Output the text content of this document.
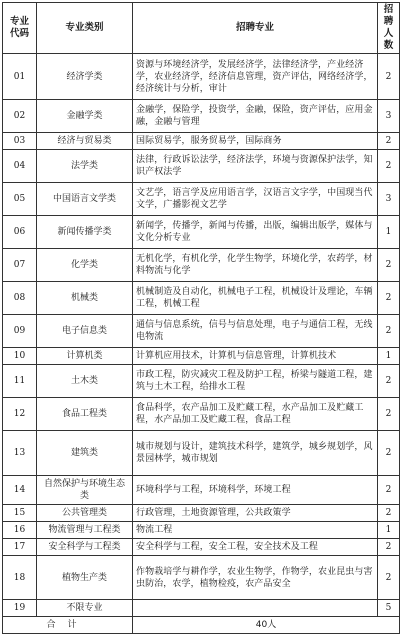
专业代码	专业类别	招聘专业	招聘人数
01	经济学类	资源与环境经济学，发展经济学，法律经济学，产业经济学，农业经济学，经济信息管理，资产评估，网络经济学，经济统计与分析，审计	2
02	金融学类	金融学，保险学，投资学，金融，保险，资产评估，应用金融，金融与管理	3
03	经济与贸易类	国际贸易学，服务贸易学，国际商务	2
04	法学类	法律，行政诉讼法学，经济法学，环境与资源保护法学，知识产权法学	2
05	中国语言文学类	文艺学，语言学及应用语言学，汉语言文字学，中国现当代文学，广播影视文艺学	3
06	新闻传播学类	新闻学，传播学，新闻与传播，出版，编辑出版学，媒体与文化分析专业	1
07	化学类	无机化学，有机化学，化学生物学，环境化学，农药学，材料物流与化学	2
08	机械类	机械制造及自动化，机械电子工程，机械设计及理论，车辆工程，机械工程	2
09	电子信息类	通信与信息系统，信号与信息处理，电子与通信工程，无线电物流	2
10	计算机类	计算机应用技术，计算机与信息管理，计算机技术	1
11	土木类	市政工程，防灾减灾工程及防护工程，桥梁与隧道工程，建筑与土木工程，给排水工程	2
12	食品工程类	食品科学，农产品加工及贮藏工程，水产品加工及贮藏工程，水产品加工及贮藏工程，食品工程	2
13	建筑类	城市规划与设计，建筑技术科学，建筑学，城乡规划学，风景园林学，城市规划	2
14	自然保护与环境生态类	环境科学与工程，环境科学，环境工程	2
15	公共管理类	行政管理，土地资源管理，公共政策学	2
16	物流管理与工程类	物流工程	1
17	安全科学与工程类	安全科学与工程，安全工程，安全技术及工程	2
18	植物生产类	作物栽培学与耕作学，农业生物学，作物学，农业昆虫与害虫防治，农学，植物检疫，农产品安全	2
19	不限专业		5
合计		40人	
